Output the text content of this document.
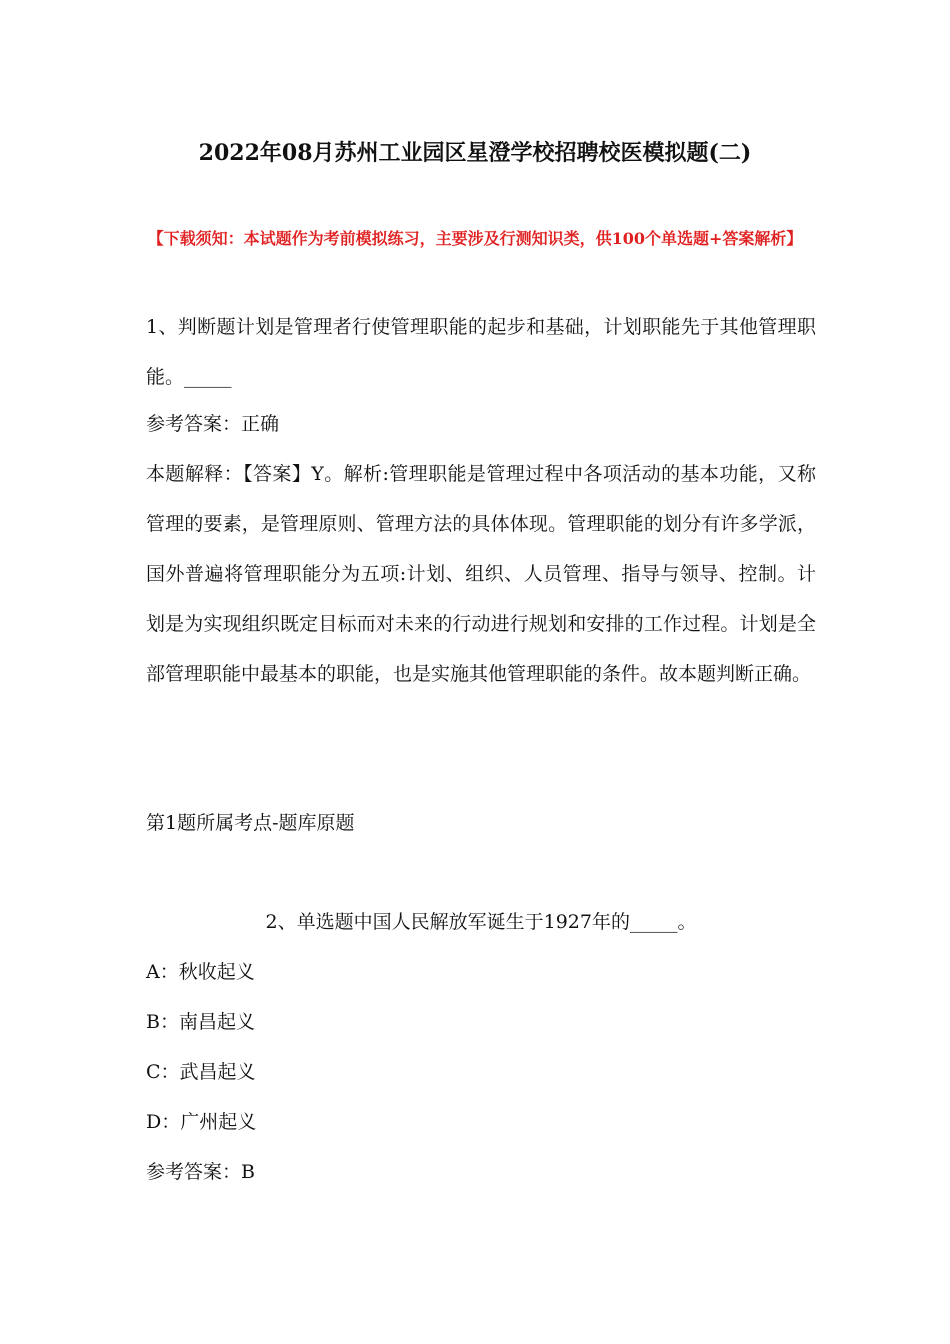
2022年08月苏州工业园区星澄学校招聘校医模拟题(二)
【下载须知：本试题作为考前模拟练习，主要涉及行测知识类，供100个单选题+答案解析】
1、判断题计划是管理者行使管理职能的起步和基础，计划职能先于其他管理职能。_____
参考答案：正确
本题解释：【答案】Y。解析:管理职能是管理过程中各项活动的基本功能，又称管理的要素，是管理原则、管理方法的具体体现。管理职能的划分有许多学派，国外普遍将管理职能分为五项:计划、组织、人员管理、指导与领导、控制。计划是为实现组织既定目标而对未来的行动进行规划和安排的工作过程。计划是全部管理职能中最基本的职能，也是实施其他管理职能的条件。故本题判断正确。
第1题所属考点-题库原题
2、单选题中国人民解放军诞生于1927年的_____。
A：秋收起义
B：南昌起义
C：武昌起义
D：广州起义
参考答案：B
